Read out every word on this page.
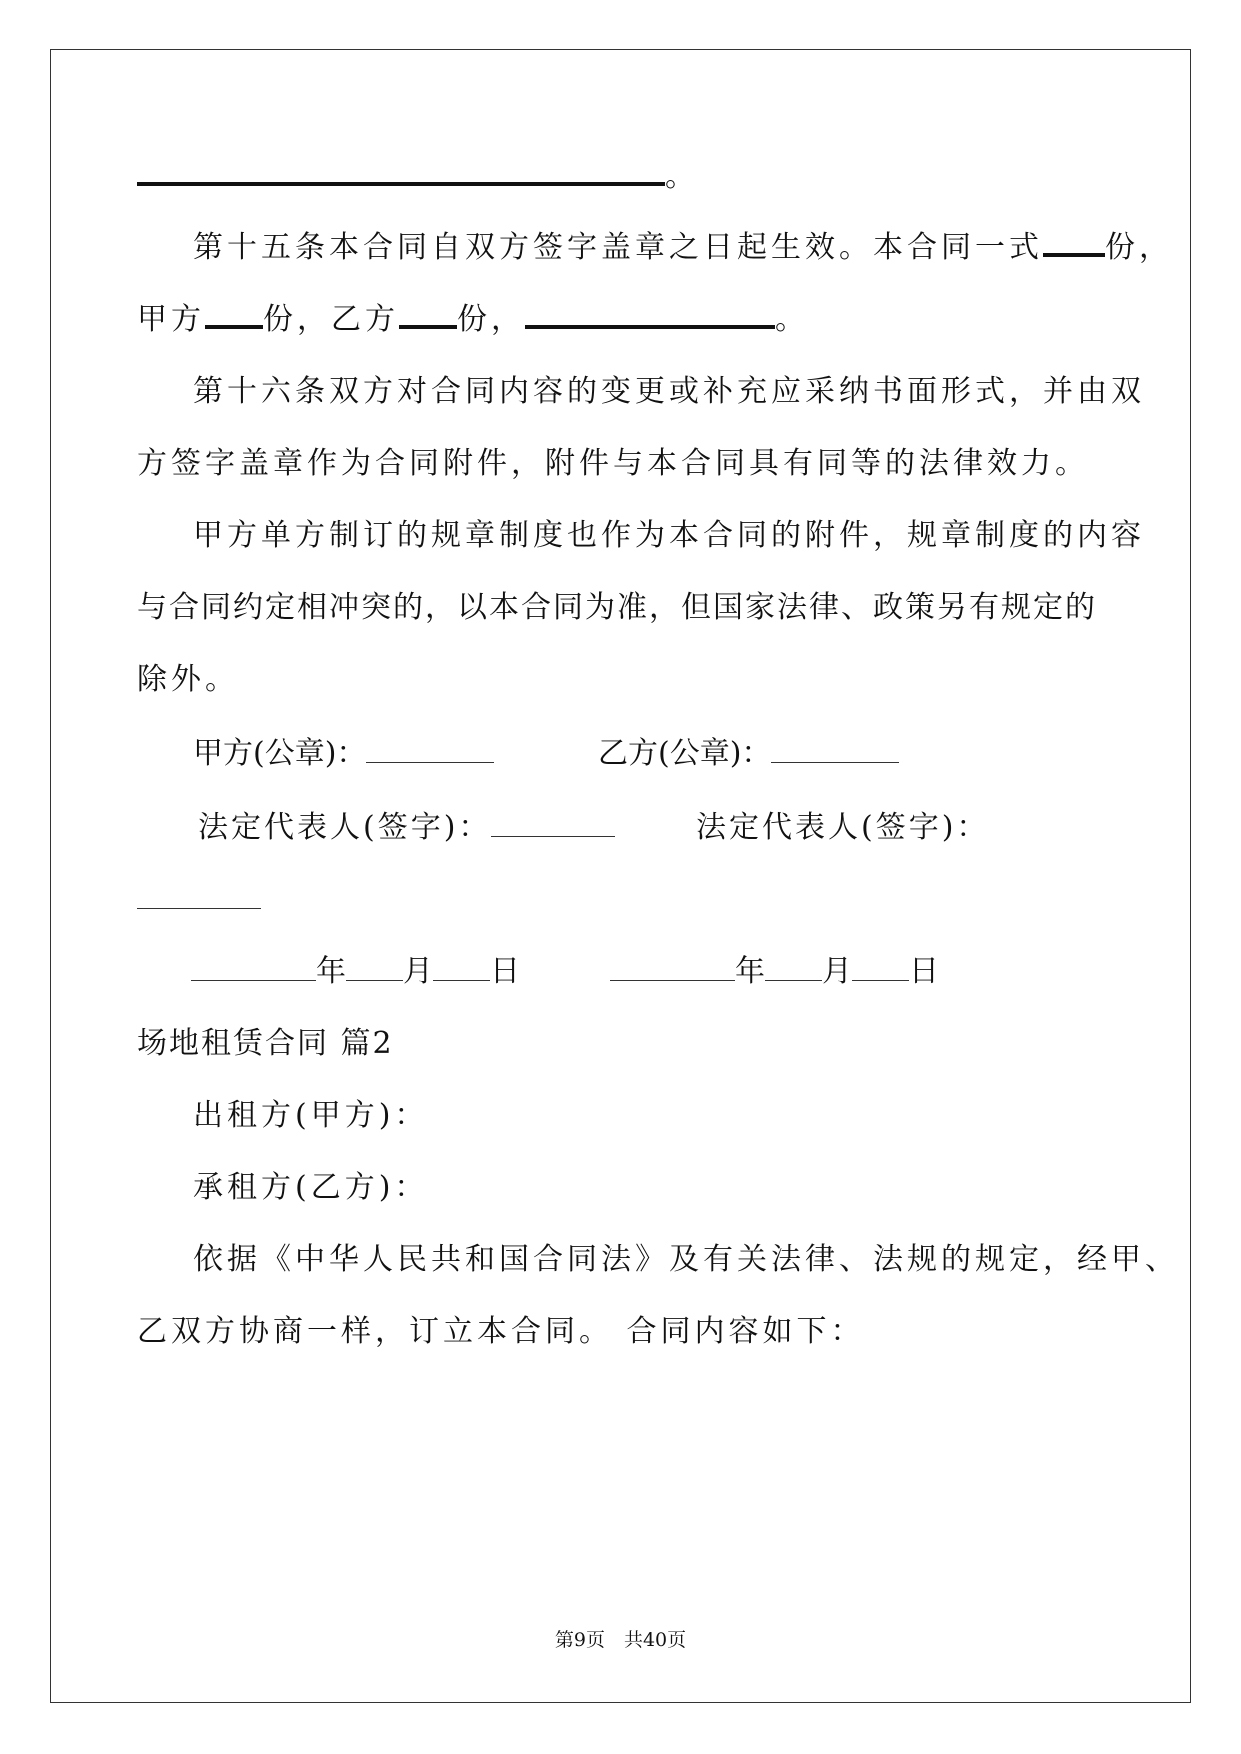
。
第十五条本合同自双方签字盖章之日起生效。本合同一式 份，
甲方 份，乙方 份，	。
第十六条双方对合同内容的变更或补充应采纳书面形式，并由双
方签字盖章作为合同附件，附件与本合同具有同等的法律效力。
甲方单方制订的规章制度也作为本合同的附件，规章制度的内容
与合同约定相冲突的，以本合同为准，但国家法律、政策另有规定的
除外。
甲方(公章)：	乙方(公章)：
法定代表人(签字)：	法定代表人(签字)：
年 月 日	年 月 日
场地租赁合同 篇2
出租方(甲方)：
承租方(乙方)：
依据《中华人民共和国合同法》及有关法律、法规的规定，经甲、
乙双方协商一样，订立本合同。 合同内容如下：
第9页　共40页
